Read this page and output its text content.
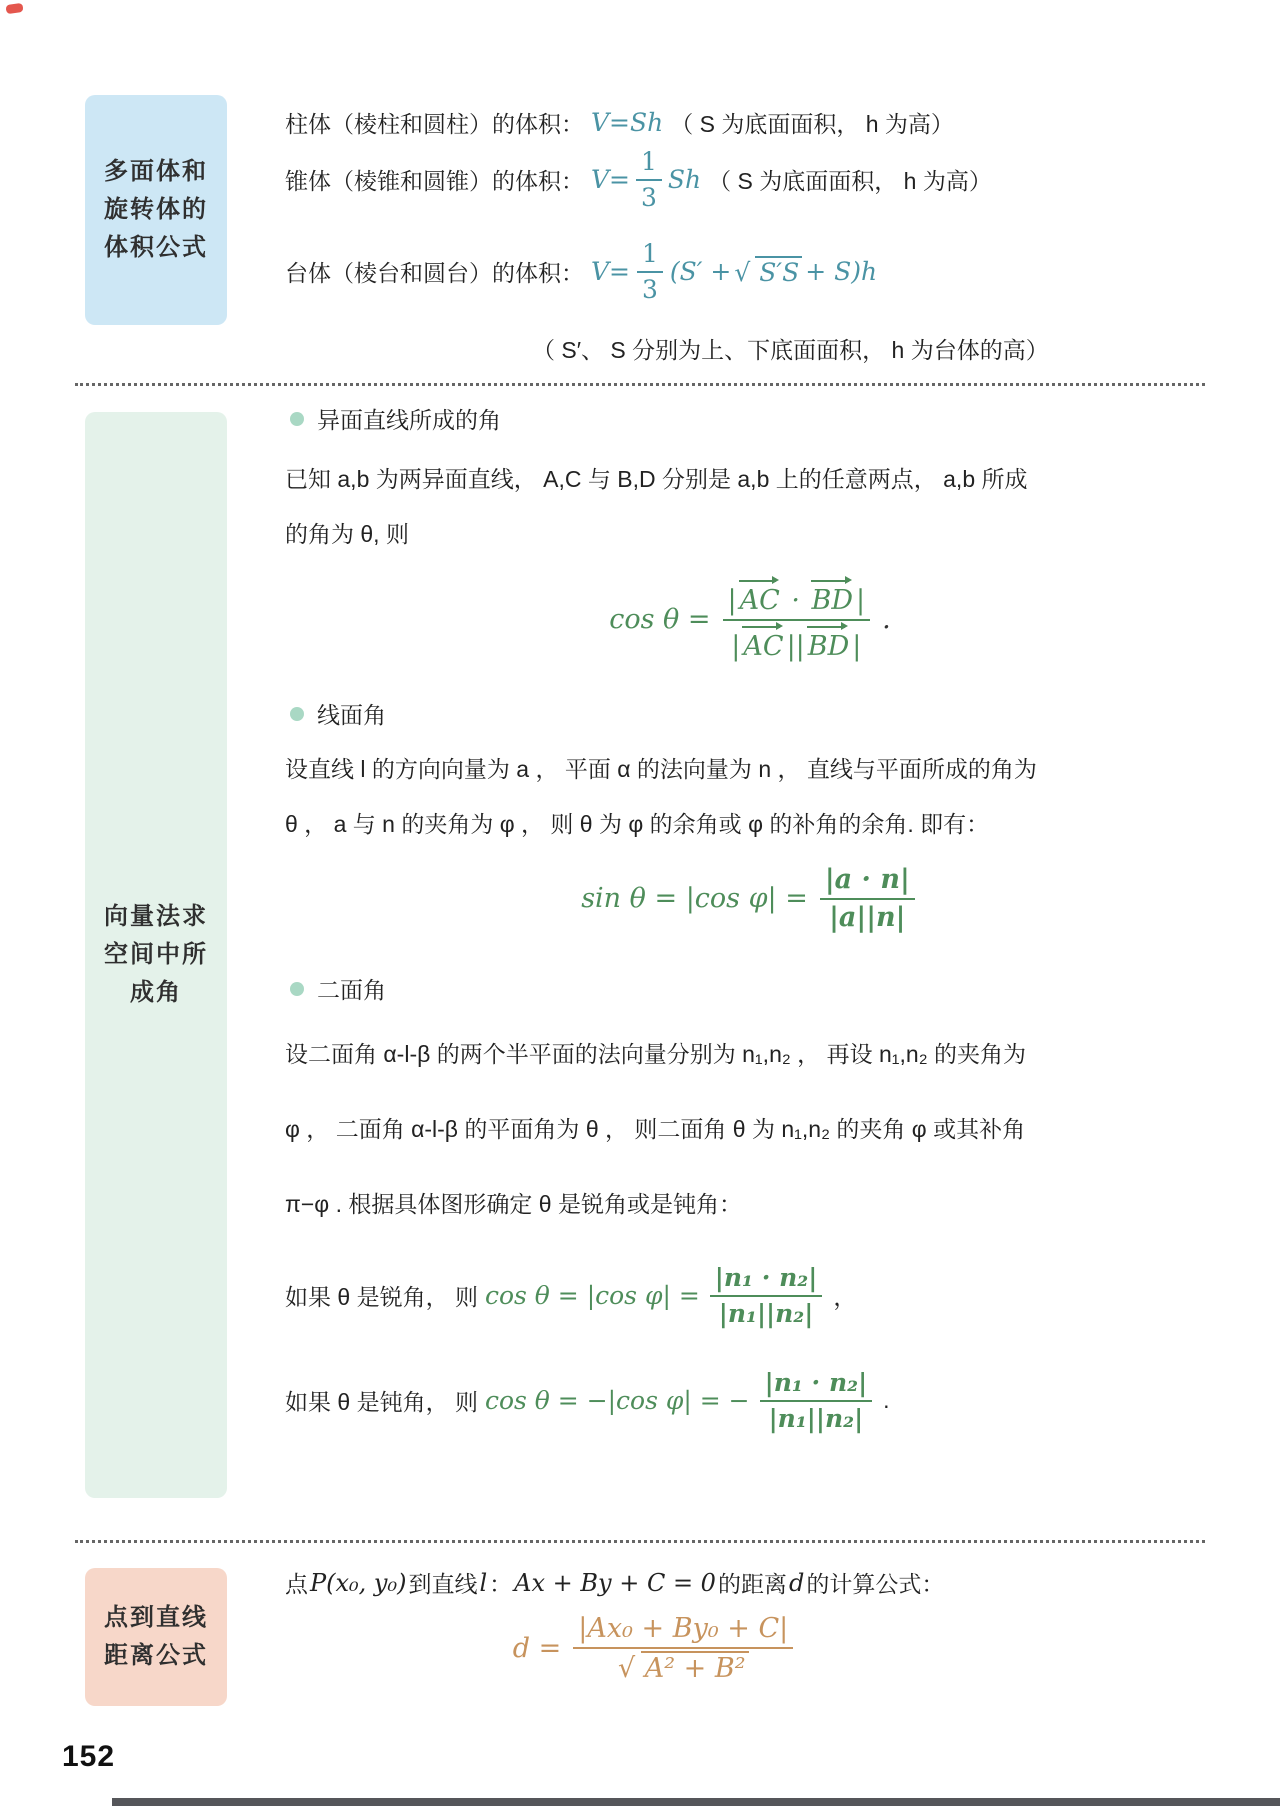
多面体和
旋转体的
体积公式
柱体（棱柱和圆柱）的体积： V=Sh （ S 为底面面积， h 为高）
锥体（棱锥和圆锥）的体积： $V= \frac{1}{3}$ Sh （ S 为底面面积， h 为高）
台体（棱台和圆台）的体积： $V= \frac{1}{3} (S'$ + √ S′S + S)h
（ S′、 S 分别为上、下底面面积， h 为台体的高）
向量法求
空间中所
成角
异面直线所成的角
已知 a,b 为两异面直线， A,C 与 B,D 分别是 a,b 上的任意两点， a,b 所成
的角为 θ, 则
$\cos \theta = \frac{| AC \cdot BD |}{| AC || BD |}$ .
线面角
设直线 l 的方向向量为 a ， 平面 α 的法向量为 n ， 直线与平面所成的角为
θ ， a 与 n 的夹角为 φ ， 则 θ 为 φ 的余角或 φ 的补角的余角. 即有：
sin θ = |cos $\varphi| = \frac{|a \cdot n|}{|a||n|}$
二面角
设二面角 α-l-β 的两个半平面的法向量分别为 n₁,n₂ ， 再设 n₁,n₂ 的夹角为
φ ， 二面角 α-l-β 的平面角为 θ ， 则二面角 θ 为 n₁,n₂ 的夹角 φ 或其补角
π−φ . 根据具体图形确定 θ 是锐角或是钝角：
如果 θ 是锐角， 则 cos θ = |cos $\varphi| = \frac{\text{|n₁ · n₂|}}{\text{|n₁||n₂|}}$ ，
如果 θ 是钝角， 则 cos θ = −|cos φ| = − $\frac{\text{|n₁ · n₂|}}{\text{|n₁||n₂|}}$ .
点到直线
距离公式
点 P(x₀, y₀) 到直线 l ： Ax + By + C = 0 的距离 d 的计算公式：
$d = \frac{\text{|Ax₀ + By₀ + C|}}{\text{√ A² + B²}}$
152
